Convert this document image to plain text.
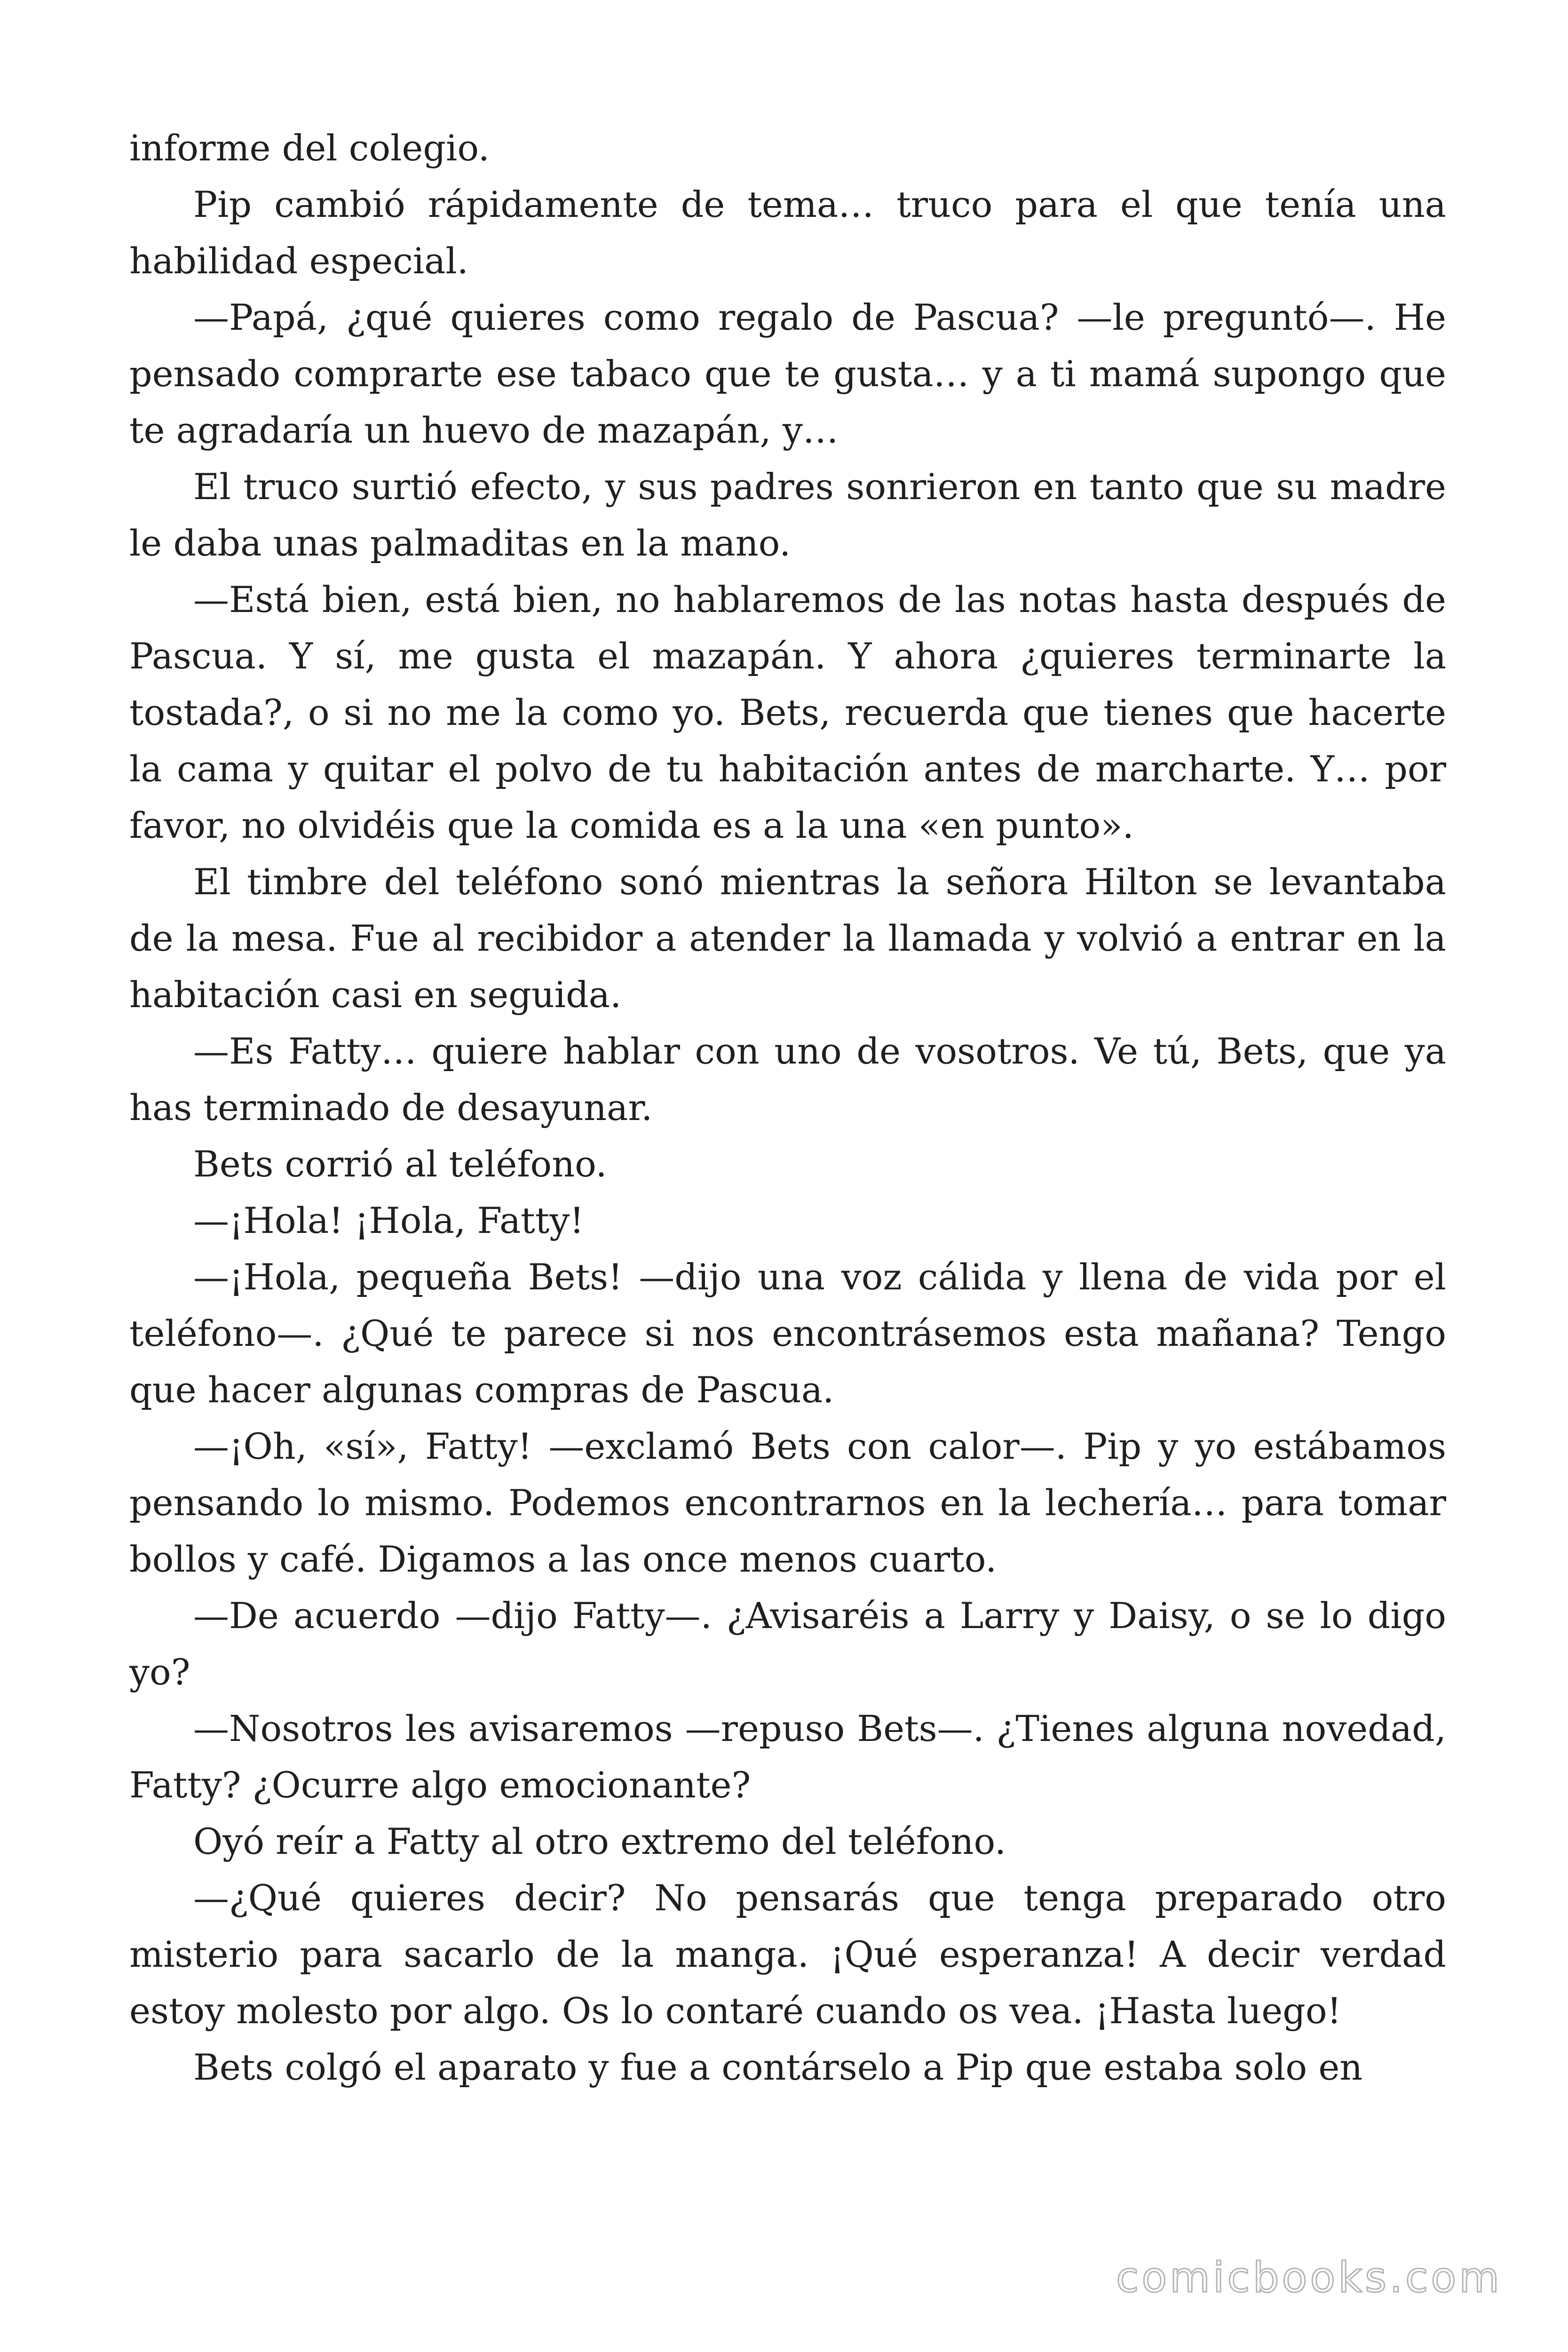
informe del colegio.

Pip cambió rápidamente de tema… truco para el que tenía una habilidad especial.

—Papá, ¿qué quieres como regalo de Pascua? —le preguntó—. He pensado comprarte ese tabaco que te gusta… y a ti mamá supongo que te agradaría un huevo de mazapán, y…

El truco surtió efecto, y sus padres sonrieron en tanto que su madre le daba unas palmaditas en la mano.

—Está bien, está bien, no hablaremos de las notas hasta después de Pascua. Y sí, me gusta el mazapán. Y ahora ¿quieres terminarte la tostada?, o si no me la como yo. Bets, recuerda que tienes que hacerte la cama y quitar el polvo de tu habitación antes de marcharte. Y… por favor, no olvidéis que la comida es a la una «en punto».

El timbre del teléfono sonó mientras la señora Hilton se levantaba de la mesa. Fue al recibidor a atender la llamada y volvió a entrar en la habitación casi en seguida.

—Es Fatty… quiere hablar con uno de vosotros. Ve tú, Bets, que ya has terminado de desayunar.

Bets corrió al teléfono.

—¡Hola! ¡Hola, Fatty!

—¡Hola, pequeña Bets! —dijo una voz cálida y llena de vida por el teléfono—. ¿Qué te parece si nos encontrásemos esta mañana? Tengo que hacer algunas compras de Pascua.

—¡Oh, «sí», Fatty! —exclamó Bets con calor—. Pip y yo estábamos pensando lo mismo. Podemos encontrarnos en la lechería… para tomar bollos y café. Digamos a las once menos cuarto.

—De acuerdo —dijo Fatty—. ¿Avisaréis a Larry y Daisy, o se lo digo yo?

—Nosotros les avisaremos —repuso Bets—. ¿Tienes alguna novedad, Fatty? ¿Ocurre algo emocionante?

Oyó reír a Fatty al otro extremo del teléfono.

—¿Qué quieres decir? No pensarás que tenga preparado otro misterio para sacarlo de la manga. ¡Qué esperanza! A decir verdad estoy molesto por algo. Os lo contaré cuando os vea. ¡Hasta luego!

Bets colgó el aparato y fue a contárselo a Pip que estaba solo en

comicbooks.com
